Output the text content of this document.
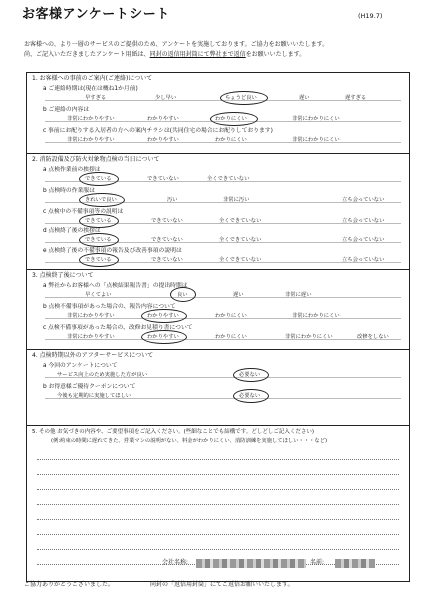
お客様アンケートシート	(H19.7)
お客様への、より一層のサービスのご提供のため、アンケートを実施しております。ご協力をお願いいたします。
尚、ご記入いただきましたアンケート用紙は、同封の返信用封筒にて弊社まで返信をお願いいたします。
1. お客様への事前のご案内(ご連絡)について
a ご連絡時期は(現在は概ね1か月前)
早すぎる	少し早い	ちょうど良い	遅い	遅すぎる
b ご連絡の内容は
非常にわかりやすい	わかりやすい	わかりにくい	非常にわかりにくい
c 事前にお配りする入居者の方への案内チラシは(共同住宅の場合にお配りしております)
非常にわかりやすい	わかりやすい	わかりにくい	非常にわかりにくい
2. 消防設備及び防火対象物点検の当日について
a 点検作業前の挨拶は
できている	できていない	全くできていない
b 点検時の作業服は
きれいで良い	汚い	非常に汚い	立ち会っていない
c 点検中の不備事項等の説明は
できている	できていない	全くできていない	立ち会っていない
d 点検終了後の挨拶は
できている	できていない	全くできていない	立ち会っていない
e 点検終了後の不備事項の報告及び改善事項の説明は
できている	できていない	全くできていない	立ち会っていない
3. 点検終了後について
a 弊社からお客様への「点検結果報告書」の提出時期は
早くてよい	良い	遅い	非常に遅い
b 点検不備事項があった場合の、報告内容について
非常にわかりやすい	わかりやすい	わかりにくい	非常にわかりにくい
c 点検不備事項があった場合の、改修お見積り書について
非常にわかりやすい	わかりやすい	わかりにくい	非常にわかりにくい	改修をしない
4. 点検時期以外のアフターサービスについて
a 今回のアンケートについて
サービス向上のため実施した方が良い	必要ない
b お得意様ご優待クーポンについて
今後も定期的に実施してほしい	必要ない
5. その他 お気づきの内容や、ご要望事項をご記入ください。(些細なことでも結構です。どしどしご記入ください)
(例:約束の時間に遅れてきた、営業マンの説明がない、料金がわかりにくい、消防訓練を実施してほしい・・・など)
会社名称:	名前:
ご協力ありがとうございました。	同封の「返信用封筒」にてご返信お願いいたします。
